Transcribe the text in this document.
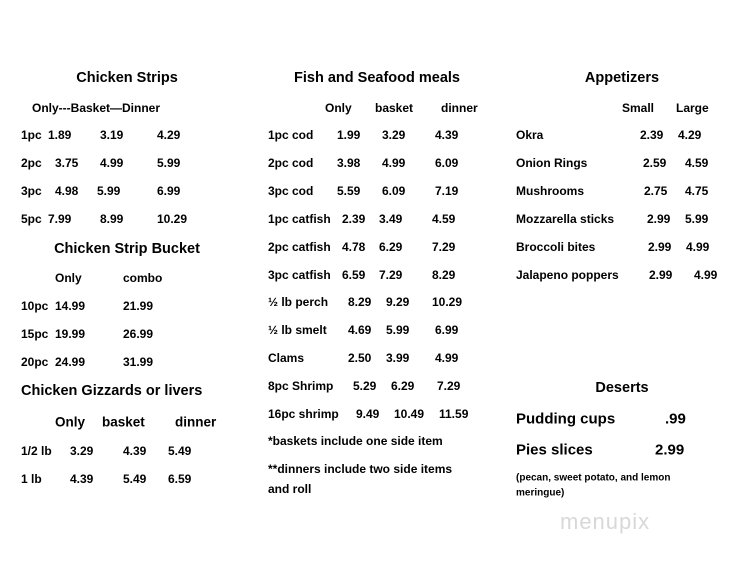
Chicken Strips
Only---Basket—Dinner
1pc 1.89 3.19	4.29
2pc 3.75 4.99	5.99
3pc 4.98 5.99	6.99
5pc 7.99 8.99	10.29
Chicken Strip Bucket
Only	combo
10pc 14.99	21.99
15pc 19.99	26.99
20pc 24.99	31.99
Chicken Gizzards or livers
Only basket dinner
1/2 lb 3.29 4.39 5.49
1 lb 4.39 5.49 6.59
Fish and Seafood meals
Only basket dinner
1pc cod 1.99 3.29 4.39
2pc cod 3.98 4.99 6.09
3pc cod 5.59 6.09 7.19
1pc catfish 2.39 3.49 4.59
2pc catfish 4.78 6.29 7.29
3pc catfish 6.59 7.29 8.29
½ lb perch 8.29 9.29 10.29
½ lb smelt 4.69 5.99 6.99
Clams	2.50 3.99 4.99
8pc Shrimp 5.29 6.29 7.29
16pc shrimp 9.49 10.49 11.59
*baskets include one side item
**dinners include two side items
and roll
Appetizers
Small Large
Okra	2.39 4.29
Onion Rings	2.59 4.59
Mushrooms	2.75 4.75
Mozzarella sticks	2.99 5.99
Broccoli bites	2.99 4.99
Jalapeno poppers	2.99 4.99
Deserts
Pudding cups	.99
Pies slices	2.99
(pecan, sweet potato, and lemon
meringue)
menupix
